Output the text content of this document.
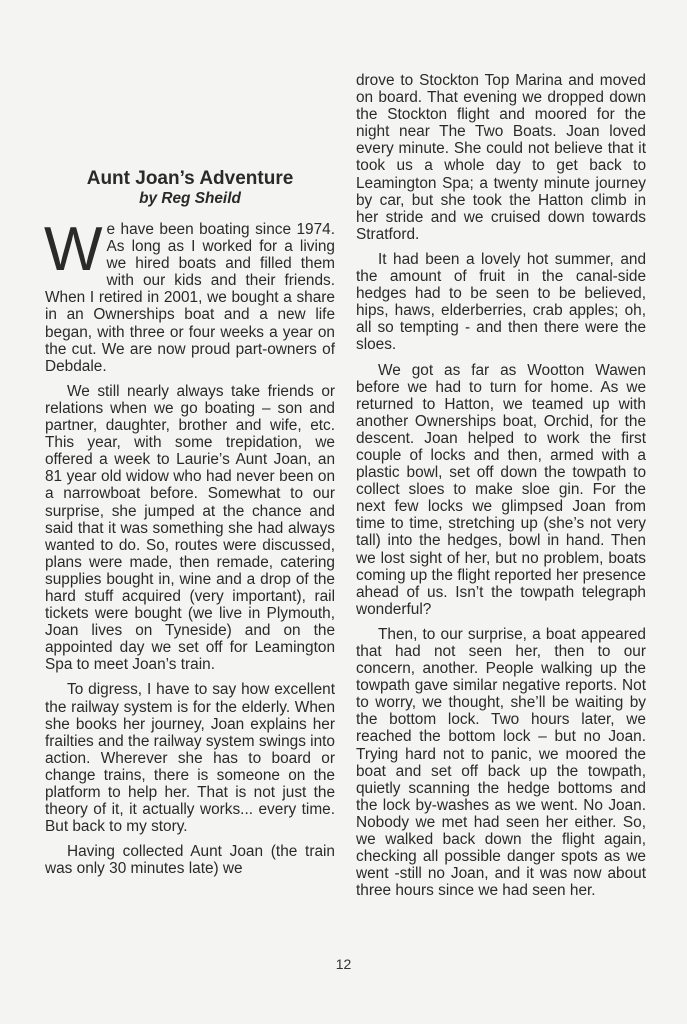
Aunt Joan’s Adventure
by Reg Sheild

We have been boating since 1974. As long as I worked for a living we hired boats and filled them with our kids and their friends. When I retired in 2001, we bought a share in an Ownerships boat and a new life began, with three or four weeks a year on the cut. We are now proud part-owners of Debdale.

We still nearly always take friends or relations when we go boating – son and partner, daughter, brother and wife, etc. This year, with some trepidation, we offered a week to Laurie’s Aunt Joan, an 81 year old widow who had never been on a narrowboat before. Somewhat to our surprise, she jumped at the chance and said that it was something she had always wanted to do. So, routes were discussed, plans were made, then remade, catering supplies bought in, wine and a drop of the hard stuff acquired (very important), rail tickets were bought (we live in Plymouth, Joan lives on Tyneside) and on the appointed day we set off for Leamington Spa to meet Joan’s train.

To digress, I have to say how excellent the railway system is for the elderly. When she books her journey, Joan explains her frailties and the railway system swings into action. Wherever she has to board or change trains, there is someone on the platform to help her. That is not just the theory of it, it actually works... every time. But back to my story.

Having collected Aunt Joan (the train was only 30 minutes late) we

drove to Stockton Top Marina and moved on board. That evening we dropped down the Stockton flight and moored for the night near The Two Boats. Joan loved every minute. She could not believe that it took us a whole day to get back to Leamington Spa; a twenty minute journey by car, but she took the Hatton climb in her stride and we cruised down towards Stratford.

It had been a lovely hot summer, and the amount of fruit in the canal-side hedges had to be seen to be believed, hips, haws, elderberries, crab apples; oh, all so tempting - and then there were the sloes.

We got as far as Wootton Wawen before we had to turn for home. As we returned to Hatton, we teamed up with another Ownerships boat, Orchid, for the descent. Joan helped to work the first couple of locks and then, armed with a plastic bowl, set off down the towpath to collect sloes to make sloe gin. For the next few locks we glimpsed Joan from time to time, stretching up (she’s not very tall) into the hedges, bowl in hand. Then we lost sight of her, but no problem, boats coming up the flight reported her presence ahead of us. Isn’t the towpath telegraph wonderful?

Then, to our surprise, a boat appeared that had not seen her, then to our concern, another. People walking up the towpath gave similar negative reports. Not to worry, we thought, she’ll be waiting by the bottom lock. Two hours later, we reached the bottom lock – but no Joan. Trying hard not to panic, we moored the boat and set off back up the towpath, quietly scanning the hedge bottoms and the lock by-washes as we went. No Joan. Nobody we met had seen her either. So, we walked back down the flight again, checking all possible danger spots as we went -still no Joan, and it was now about three hours since we had seen her.

12
